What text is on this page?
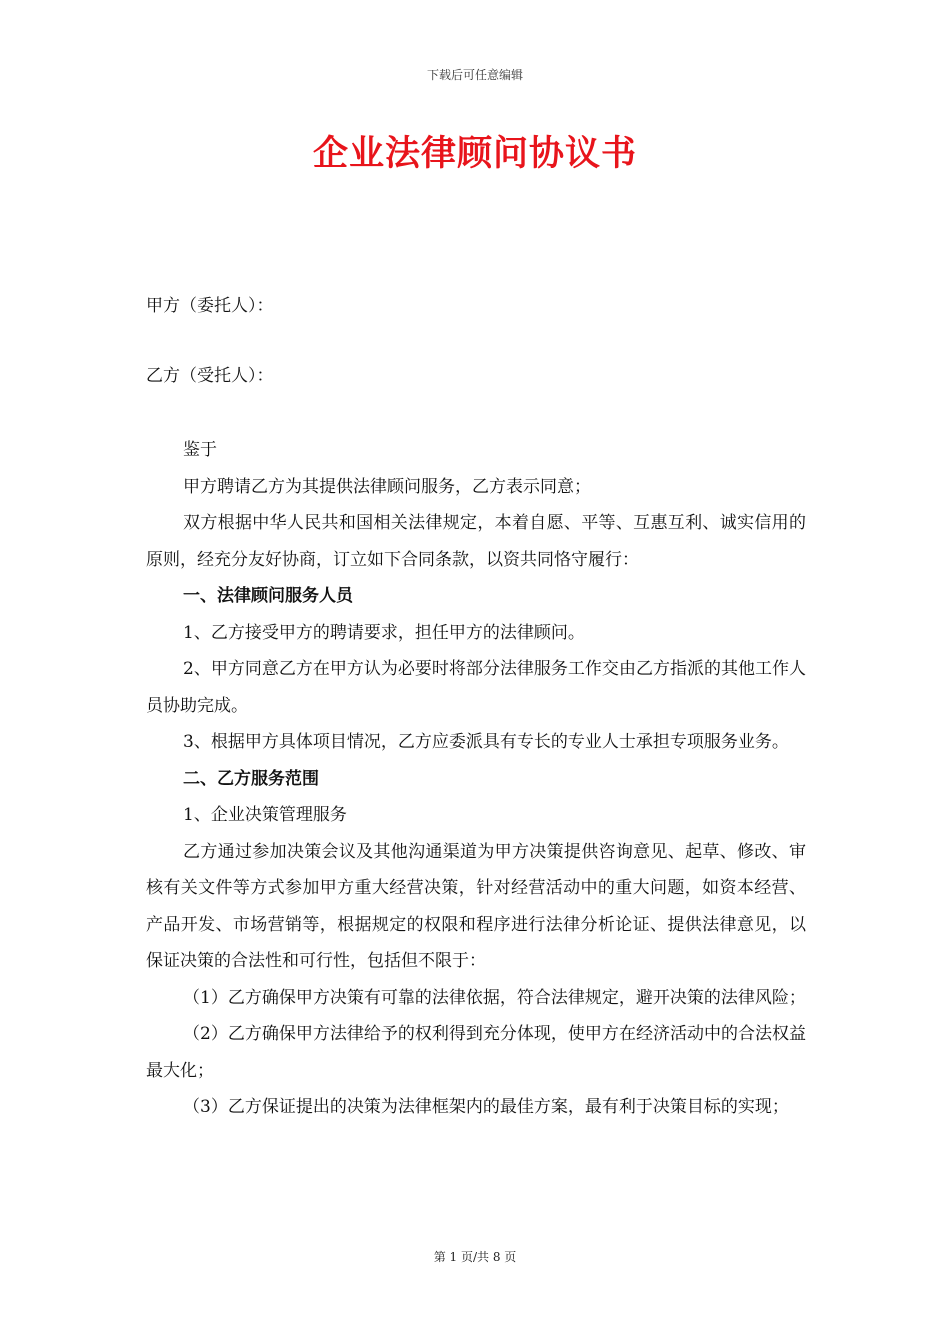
下载后可任意编辑
企业法律顾问协议书
甲方（委托人）：
乙方（受托人）：

鉴于

甲方聘请乙方为其提供法律顾问服务，乙方表示同意；

双方根据中华人民共和国相关法律规定，本着自愿、平等、互惠互利、诚实信用的原则，经充分友好协商，订立如下合同条款，以资共同恪守履行：

一、法律顾问服务人员

1、乙方接受甲方的聘请要求，担任甲方的法律顾问。

2、甲方同意乙方在甲方认为必要时将部分法律服务工作交由乙方指派的其他工作人员协助完成。

3、根据甲方具体项目情况，乙方应委派具有专长的专业人士承担专项服务业务。

二、乙方服务范围

1、企业决策管理服务

乙方通过参加决策会议及其他沟通渠道为甲方决策提供咨询意见、起草、修改、审核有关文件等方式参加甲方重大经营决策，针对经营活动中的重大问题，如资本经营、产品开发、市场营销等，根据规定的权限和程序进行法律分析论证、提供法律意见，以保证决策的合法性和可行性，包括但不限于：

（1）乙方确保甲方决策有可靠的法律依据，符合法律规定，避开决策的法律风险；

（2）乙方确保甲方法律给予的权利得到充分体现，使甲方在经济活动中的合法权益最大化；

（3）乙方保证提出的决策为法律框架内的最佳方案，最有利于决策目标的实现；

第 1 页/共 8 页
